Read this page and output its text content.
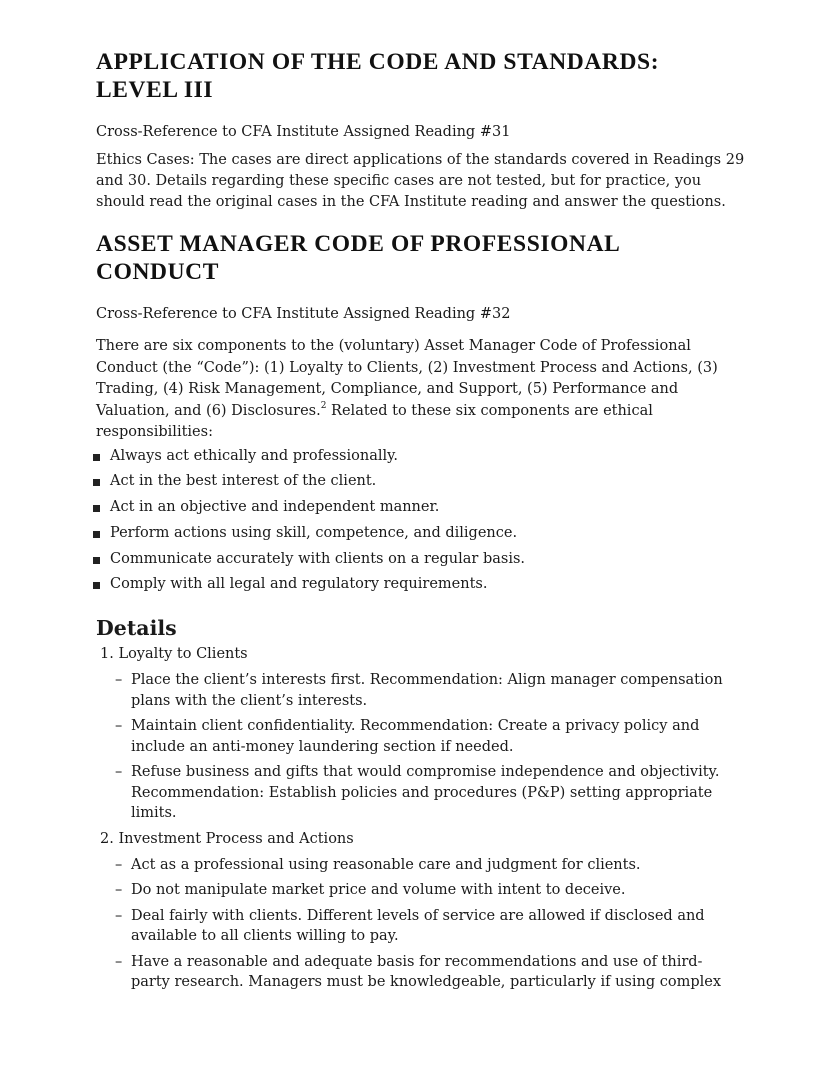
APPLICATION OF THE CODE AND STANDARDS:
LEVEL III

Cross-Reference to CFA Institute Assigned Reading #31

Ethics Cases: The cases are direct applications of the standards covered in Readings 29 and 30. Details regarding these specific cases are not tested, but for practice, you should read the original cases in the CFA Institute reading and answer the questions.

ASSET MANAGER CODE OF PROFESSIONAL
CONDUCT

Cross-Reference to CFA Institute Assigned Reading #32

There are six components to the (voluntary) Asset Manager Code of Professional Conduct (the “Code”): (1) Loyalty to Clients, (2) Investment Process and Actions, (3) Trading, (4) Risk Management, Compliance, and Support, (5) Performance and Valuation, and (6) Disclosures.$^2$ Related to these six components are ethical responsibilities:

Always act ethically and professionally.
Act in the best interest of the client.
Act in an objective and independent manner.
Perform actions using skill, competence, and diligence.
Communicate accurately with clients on a regular basis.
Comply with all legal and regulatory requirements.
Details

1. Loyalty to Clients

– Place the client’s interests first. Recommendation: Align manager compensation plans with the client’s interests.

– Maintain client confidentiality. Recommendation: Create a privacy policy and include an anti-money laundering section if needed.

– Refuse business and gifts that would compromise independence and objectivity. Recommendation: Establish policies and procedures (P&P) setting appropriate limits.

2. Investment Process and Actions

– Act as a professional using reasonable care and judgment for clients.

– Do not manipulate market price and volume with intent to deceive.

– Deal fairly with clients. Different levels of service are allowed if disclosed and available to all clients willing to pay.

– Have a reasonable and adequate basis for recommendations and use of third-party research. Managers must be knowledgeable, particularly if using complex
